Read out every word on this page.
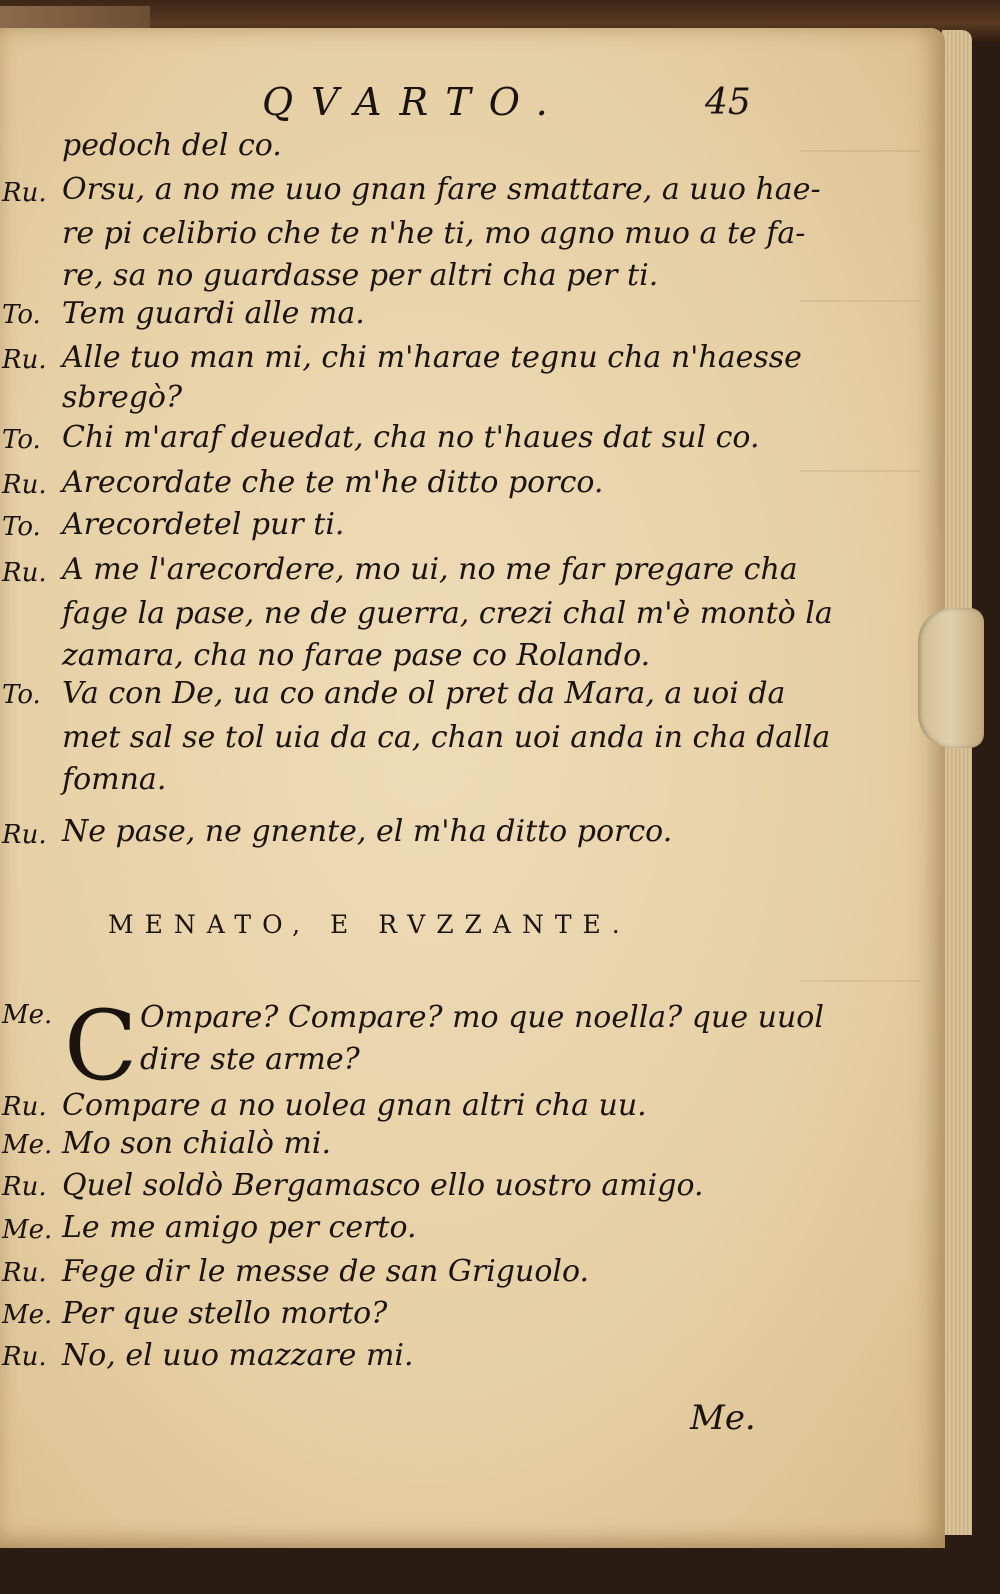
QVARTO.	45
Ru.
To.
Ru.
To.
Ru.
To.
Ru.
To.
Ru.
pedoch del co.
Orsu, a no me uuo gnan fare smattare, a uuo hae-
re pi celibrio che te n'he ti, mo agno muo a te fa-
re, sa no guardasse per altri cha per ti.
Tem guardi alle ma.
Alle tuo man mi, chi m'harae tegnu cha n'haesse
sbregò?
Chi m'araf deuedat, cha no t'haues dat sul co.
Arecordate che te m'he ditto porco.
Arecordetel pur ti.
A me l'arecordere, mo ui, no me far pregare cha
fage la pase, ne de guerra, crezi chal m'è montò la
zamara, cha no farae pase co Rolando.
Va con De, ua co ande ol pret da Mara, a uoi da
met sal se tol uia da ca, chan uoi anda in cha dalla
fomna.
Ne pase, ne gnente, el m'ha ditto porco.
MENATO, E RVZZANTE.
Me. C Ompare? Compare? mo que noella? que uuol
dire ste arme?
Ru.
Me.
Ru.
Me.
Ru.
Me.
Ru.
Compare a no uolea gnan altri cha uu.
Mo son chialò mi.
Quel soldò Bergamasco ello uostro amigo.
Le me amigo per certo.
Fege dir le messe de san Griguolo.
Per que stello morto?
No, el uuo mazzare mi.
Me.
